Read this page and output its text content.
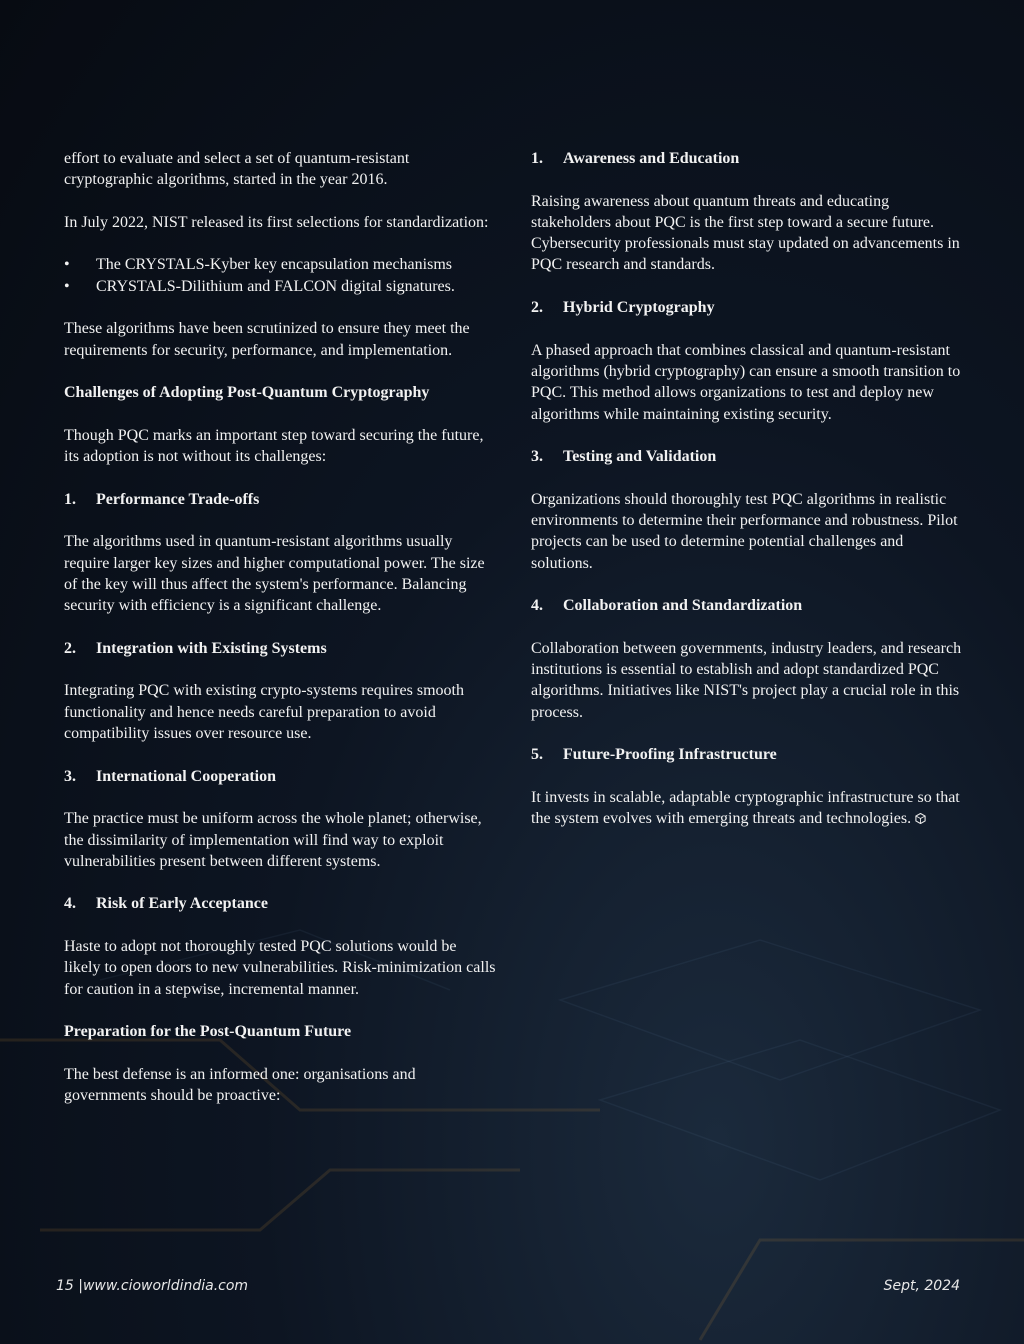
effort to evaluate and select a set of quantum-resistant cryptographic algorithms, started in the year 2016.

In July 2022, NIST released its first selections for standardization:

• The CRYSTALS-Kyber key encapsulation mechanisms
• CRYSTALS-Dilithium and FALCON digital signatures.

These algorithms have been scrutinized to ensure they meet the requirements for security, performance, and implementation.

Challenges of Adopting Post-Quantum Cryptography

Though PQC marks an important step toward securing the future, its adoption is not without its challenges:

1. Performance Trade-offs

The algorithms used in quantum-resistant algorithms usually require larger key sizes and higher computational power. The size of the key will thus affect the system's performance. Balancing security with efficiency is a significant challenge.

2. Integration with Existing Systems

Integrating PQC with existing crypto-systems requires smooth functionality and hence needs careful preparation to avoid compatibility issues over resource use.

3. International Cooperation

The practice must be uniform across the whole planet; otherwise, the dissimilarity of implementation will find way to exploit vulnerabilities present between different systems.

4. Risk of Early Acceptance

Haste to adopt not thoroughly tested PQC solutions would be likely to open doors to new vulnerabilities. Risk-minimization calls for caution in a stepwise, incremental manner.

Preparation for the Post-Quantum Future

The best defense is an informed one: organisations and governments should be proactive:

1. Awareness and Education

Raising awareness about quantum threats and educating stakeholders about PQC is the first step toward a secure future. Cybersecurity professionals must stay updated on advancements in PQC research and standards.

2. Hybrid Cryptography

A phased approach that combines classical and quantum-resistant algorithms (hybrid cryptography) can ensure a smooth transition to PQC. This method allows organizations to test and deploy new algorithms while maintaining existing security.

3. Testing and Validation

Organizations should thoroughly test PQC algorithms in realistic environments to determine their performance and robustness. Pilot projects can be used to determine potential challenges and solutions.

4. Collaboration and Standardization

Collaboration between governments, industry leaders, and research institutions is essential to establish and adopt standardized PQC algorithms. Initiatives like NIST's project play a crucial role in this process.

5. Future-Proofing Infrastructure

It invests in scalable, adaptable cryptographic infrastructure so that the system evolves with emerging threats and technologies.

15 |www.cioworldindia.com	Sept, 2024
